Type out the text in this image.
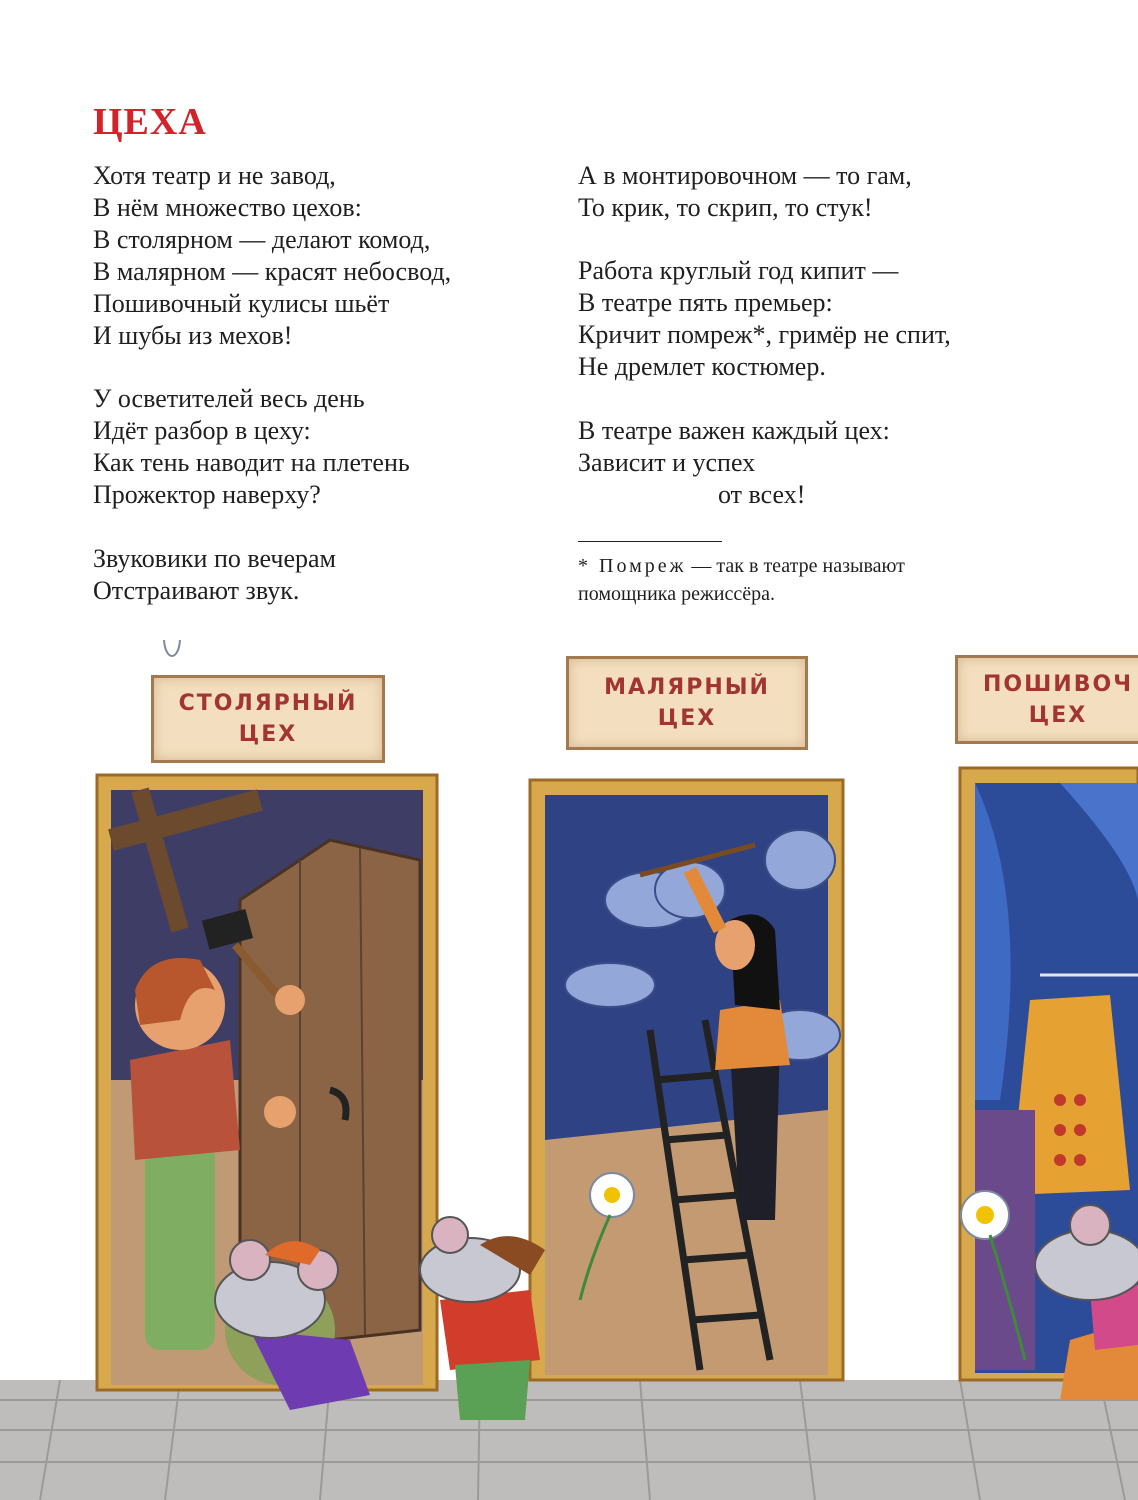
ЦЕХА
Хотя театр и не завод,
В нём множество цехов:
В столярном — делают комод,
В малярном — красят небосвод,
Пошивочный кулисы шьёт
И шубы из мехов!
У осветителей весь день
Идёт разбор в цеху:
Как тень наводит на плетень
Прожектор наверху?
Звуковики по вечерам
Отстраивают звук.
А в монтировочном — то гам,
То крик, то скрип, то стук!
Работа круглый год кипит —
В театре пять премьер:
Кричит помреж*, гримёр не спит,
Не дремлет костюмер.
В театре важен каждый цех:
Зависит и успех
от всех!
* Помреж — так в театре называют
помощника режиссёра.
СТОЛЯРНЫЙ
ЦЕХ
МАЛЯРНЫЙ
ЦЕХ
ПОШИВОЧ
ЦЕХ
